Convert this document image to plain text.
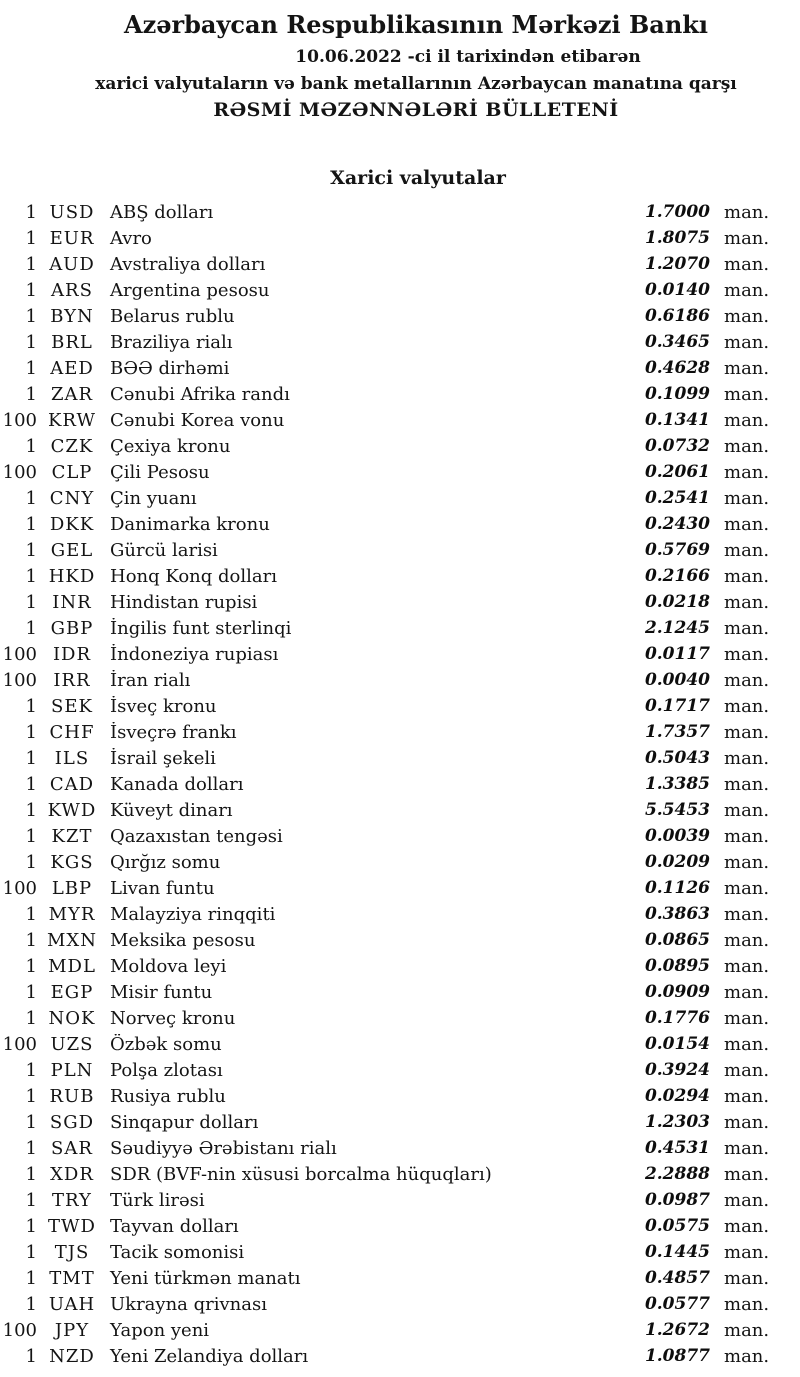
Azərbaycan Respublikasının Mərkəzi Bankı
10.06.2022 -ci il tarixindən etibarən
xarici valyutaların və bank metallarının Azərbaycan manatına qarşı
RƏSMİ MƏZƏNNƏLƏRİ BÜLLETENİ
Xarici valyutalar
1 USD ABŞ dolları	1.7000 man.
1 EUR Avro	1.8075 man.
1 AUD Avstraliya dolları	1.2070 man.
1 ARS Argentina pesosu	0.0140 man.
1 BYN Belarus rublu	0.6186 man.
1 BRL Braziliya rialı	0.3465 man.
1 AED BƏƏ dirhəmi	0.4628 man.
1 ZAR Cənubi Afrika randı	0.1099 man.
100 KRW Cənubi Korea vonu	0.1341 man.
1 CZK Çexiya kronu	0.0732 man.
100 CLP Çili Pesosu	0.2061 man.
1 CNY Çin yuanı	0.2541 man.
1 DKK Danimarka kronu	0.2430 man.
1 GEL Gürcü larisi	0.5769 man.
1 HKD Honq Konq dolları	0.2166 man.
1 INR	Hindistan rupisi	0.0218 man.
1 GBP İngilis funt sterlinqi	2.1245 man.
100 IDR	İndoneziya rupiası	0.0117 man.
100 IRR	İran rialı	0.0040 man.
1 SEK İsveç kronu	0.1717 man.
1 CHF İsveçrə frankı	1.7357 man.
1 ILS	İsrail şekeli	0.5043 man.
1 CAD Kanada dolları	1.3385 man.
1 KWD Küveyt dinarı	5.5453 man.
1 KZT Qazaxıstan tengəsi	0.0039 man.
1 KGS Qırğız somu	0.0209 man.
100 LBP Livan funtu	0.1126 man.
1 MYR Malayziya rinqqiti	0.3863 man.
1 MXN Meksika pesosu	0.0865 man.
1 MDL Moldova leyi	0.0895 man.
1 EGP Misir funtu	0.0909 man.
1 NOK Norveç kronu	0.1776 man.
100 UZS Özbək somu	0.0154 man.
1 PLN Polşa zlotası	0.3924 man.
1 RUB Rusiya rublu	0.0294 man.
1 SGD Sinqapur dolları	1.2303 man.
1 SAR Səudiyyə Ərəbistanı rialı	0.4531 man.
1 XDR SDR (BVF-nin xüsusi borcalma hüquqları)	2.2888 man.
1 TRY	Türk lirəsi	0.0987 man.
1 TWD Tayvan dolları	0.0575 man.
1 TJS	Tacik somonisi	0.1445 man.
1 TMT Yeni türkmən manatı	0.4857 man.
1 UAH Ukrayna qrivnası	0.0577 man.
100 JPY	Yapon yeni	1.2672 man.
1 NZD Yeni Zelandiya dolları	1.0877 man.
